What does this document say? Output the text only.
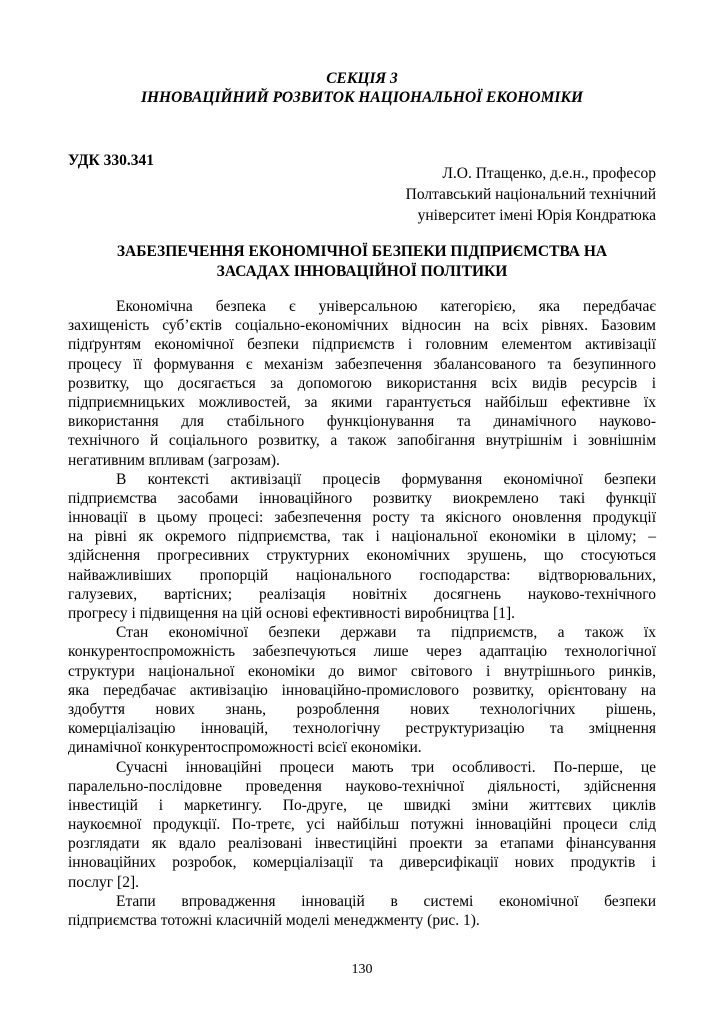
СЕКЦІЯ 3
ІННОВАЦІЙНИЙ РОЗВИТОК НАЦІОНАЛЬНОЇ ЕКОНОМІКИ
УДК 330.341
Л.О. Птащенко, д.е.н., професор
Полтавський національний технічний
університет імені Юрія Кондратюка
ЗАБЕЗПЕЧЕННЯ ЕКОНОМІЧНОЇ БЕЗПЕКИ ПІДПРИЄМСТВА НА
ЗАСАДАХ ІННОВАЦІЙНОЇ ПОЛІТИКИ
Економічна безпека є універсальною категорією, яка передбачає
захищеність суб’єктів соціально-економічних відносин на всіх рівнях. Базовим
підґрунтям економічної безпеки підприємств і головним елементом активізації
процесу її формування є механізм забезпечення збалансованого та безупинного
розвитку, що досягається за допомогою використання всіх видів ресурсів і
підприємницьких можливостей, за якими гарантується найбільш ефективне їх
використання для стабільного функціонування та динамічного науково-
технічного й соціального розвитку, а також запобігання внутрішнім і зовнішнім
негативним впливам (загрозам).
В контексті активізації процесів формування економічної безпеки
підприємства засобами інноваційного розвитку виокремлено такі функції
інновації в цьому процесі: забезпечення росту та якісного оновлення продукції
на рівні як окремого підприємства, так і національної економіки в цілому; –
здійснення прогресивних структурних економічних зрушень, що стосуються
найважливіших пропорцій національного господарства: відтворювальних,
галузевих, вартісних; реалізація новітніх досягнень науково-технічного
прогресу і підвищення на цій основі ефективності виробництва [1].
Стан економічної безпеки держави та підприємств, а також їх
конкурентоспроможність забезпечуються лише через адаптацію технологічної
структури національної економіки до вимог світового і внутрішнього ринків,
яка передбачає активізацію інноваційно-промислового розвитку, орієнтовану на
здобуття нових знань, розроблення нових технологічних рішень,
комерціалізацію інновацій, технологічну реструктуризацію та зміцнення
динамічної конкурентоспроможності всієї економіки.
Сучасні інноваційні процеси мають три особливості. По-перше, це
паралельно-послідовне проведення науково-технічної діяльності, здійснення
інвестицій і маркетингу. По-друге, це швидкі зміни життєвих циклів
наукоємної продукції. По-третє, усі найбільш потужні інноваційні процеси слід
розглядати як вдало реалізовані інвестиційні проекти за етапами фінансування
інноваційних розробок, комерціалізації та диверсифікації нових продуктів і
послуг [2].
Етапи впровадження інновацій в системі економічної безпеки
підприємства тотожні класичній моделі менеджменту (рис. 1).
130
